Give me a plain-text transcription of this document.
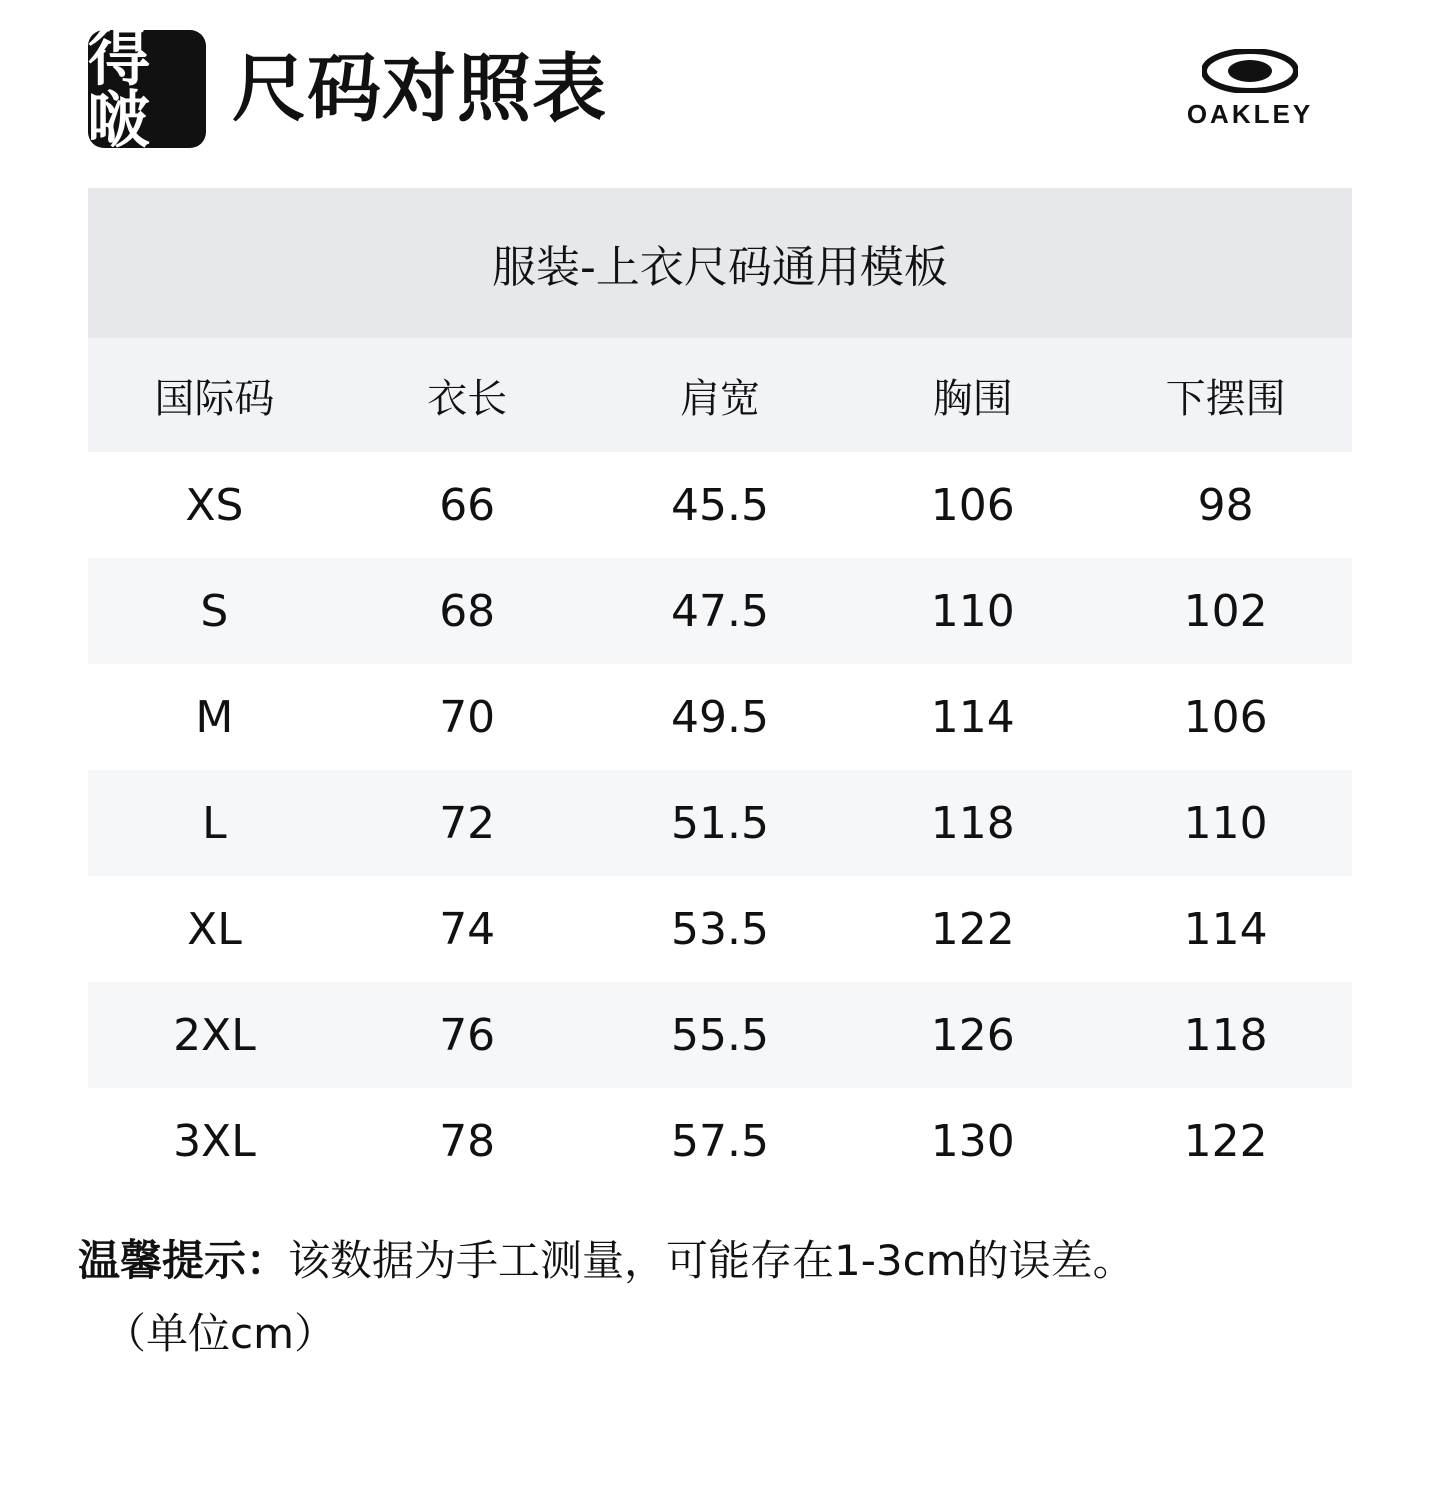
得啵	尺码对照表	OAKLEY
服装-上衣尺码通用模板				
国际码	衣长	肩宽	胸围	下摆围
XS	66	45.5	106	98
S	68	47.5	110	102
M	70	49.5	114	106
L	72	51.5	118	110
XL	74	53.5	122	114
2XL	76	55.5	126	118
3XL	78	57.5	130	122
温馨提示：该数据为手工测量，可能存在1-3cm的误差。
（单位cm）
